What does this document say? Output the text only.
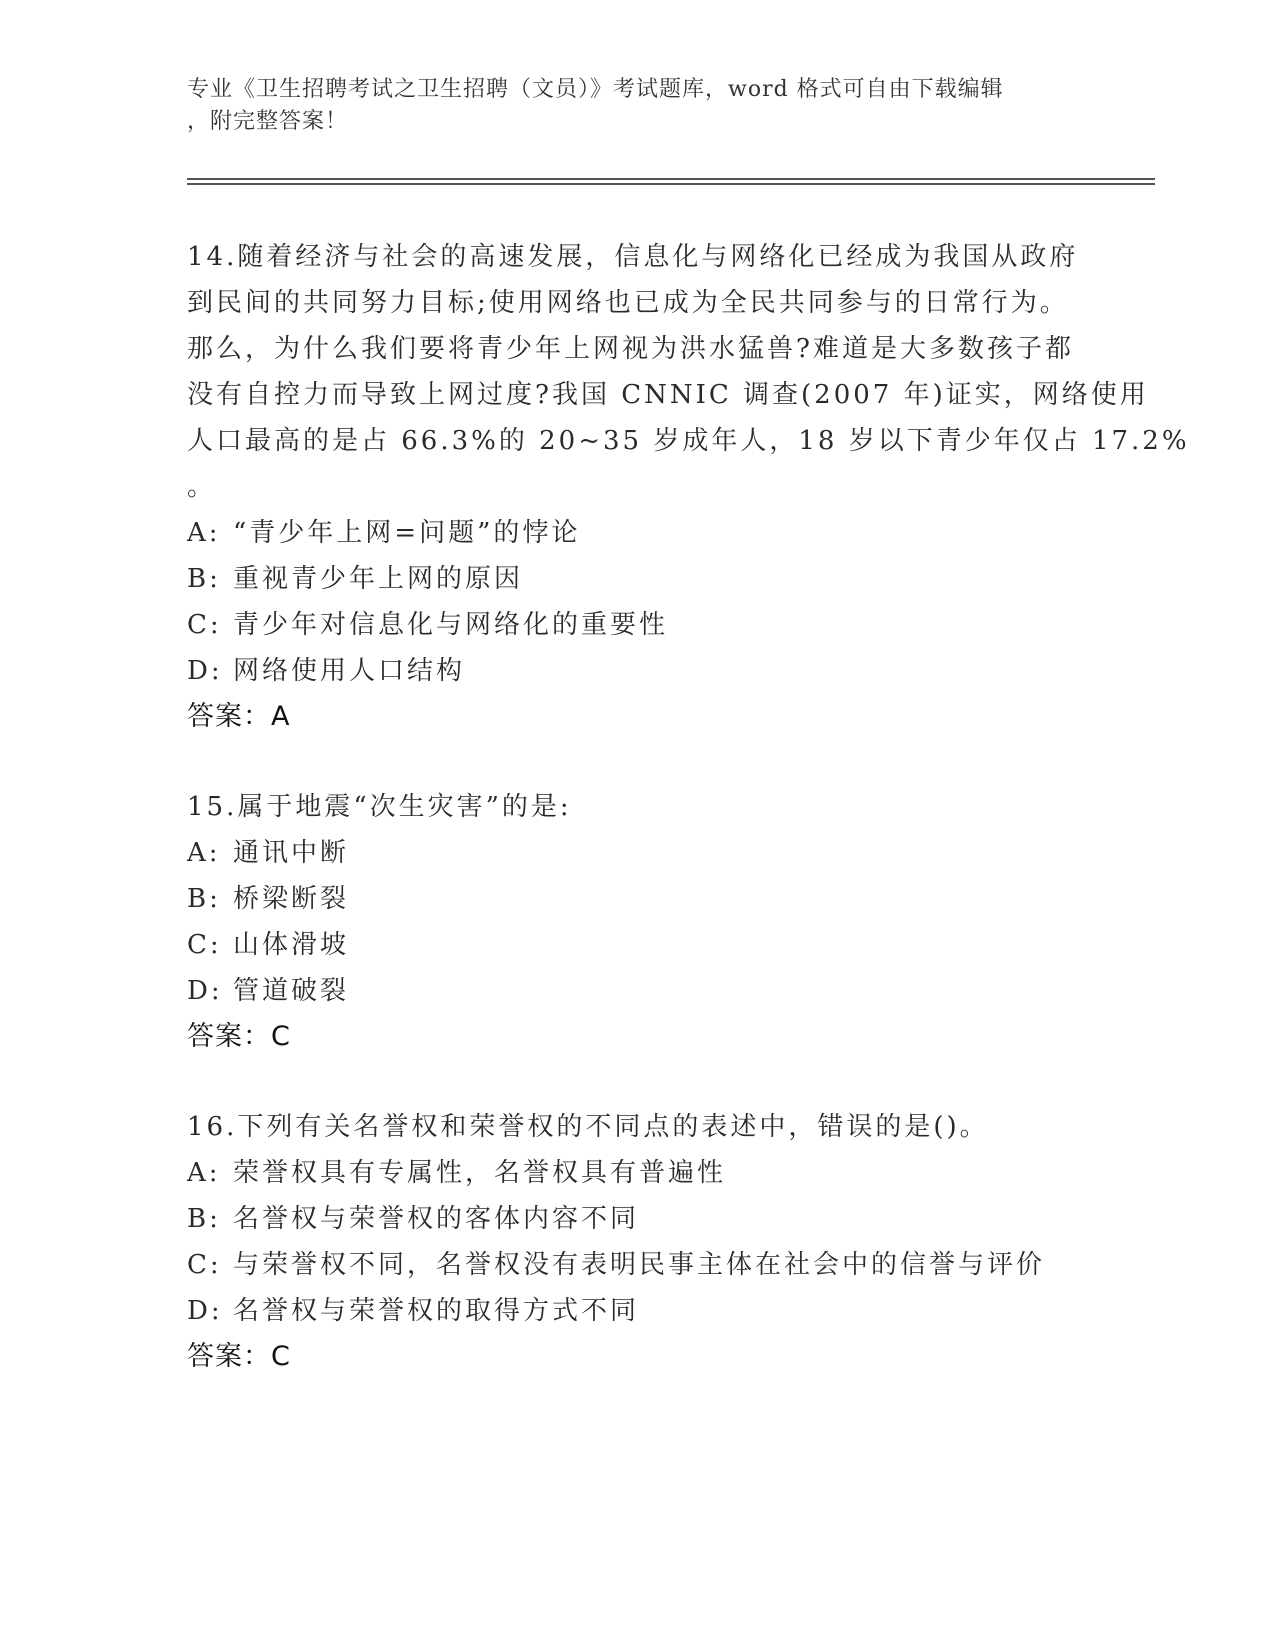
专业《卫生招聘考试之卫生招聘（文员）》考试题库，word 格式可自由下载编辑
，附完整答案！
14.随着经济与社会的高速发展，信息化与网络化已经成为我国从政府
到民间的共同努力目标;使用网络也已成为全民共同参与的日常行为。
那么，为什么我们要将青少年上网视为洪水猛兽?难道是大多数孩子都
没有自控力而导致上网过度?我国 CNNIC 调查(2007 年)证实，网络使用
人口最高的是占 66.3%的 20~35 岁成年人，18 岁以下青少年仅占 17.2%
。
A: “青少年上网=问题”的悖论
B: 重视青少年上网的原因
C: 青少年对信息化与网络化的重要性
D: 网络使用人口结构
答案：A
15.属于地震“次生灾害”的是:
A: 通讯中断
B: 桥梁断裂
C: 山体滑坡
D: 管道破裂
答案：C
16.下列有关名誉权和荣誉权的不同点的表述中，错误的是()。
A: 荣誉权具有专属性，名誉权具有普遍性
B: 名誉权与荣誉权的客体内容不同
C: 与荣誉权不同，名誉权没有表明民事主体在社会中的信誉与评价
D: 名誉权与荣誉权的取得方式不同
答案：C
